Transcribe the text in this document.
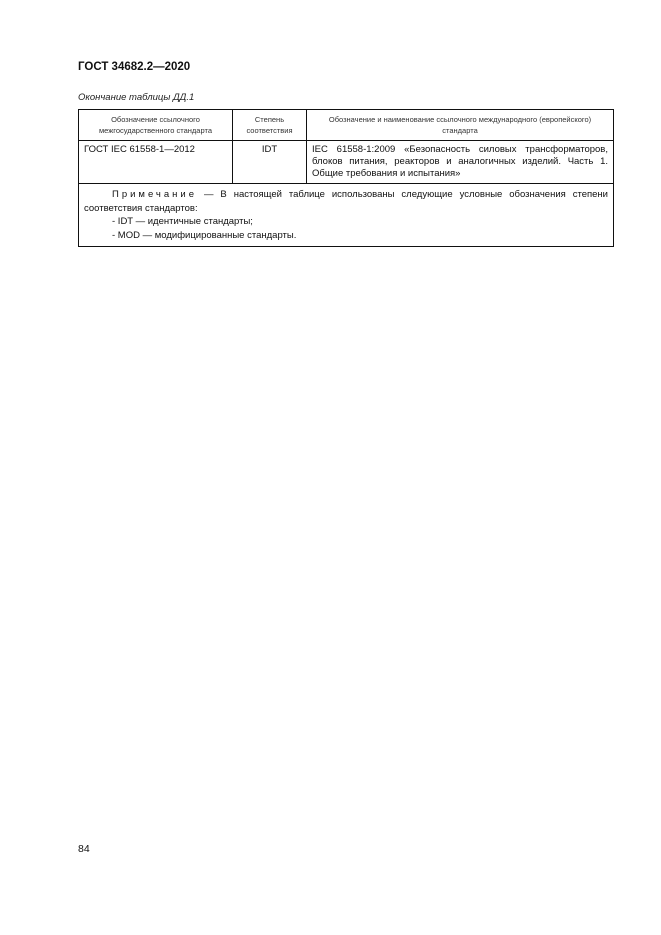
ГОСТ 34682.2—2020
Окончание таблицы ДД.1
Обозначение ссылочного межгосударственного стандарта	Степень соответствия	Обозначение и наименование ссылочного международного (европейского) стандарта
ГОСТ IEC 61558-1—2012	IDT	IEC 61558-1:2009 «Безопасность силовых трансформаторов, блоков питания, реакторов и аналогичных изделий. Часть 1. Общие требования и испытания»

Примечание — В настоящей таблице использованы следующие условные обозначения степени соответствия стандартов:
- IDT — идентичные стандарты;
- MOD — модифицированные стандарты.		
84
